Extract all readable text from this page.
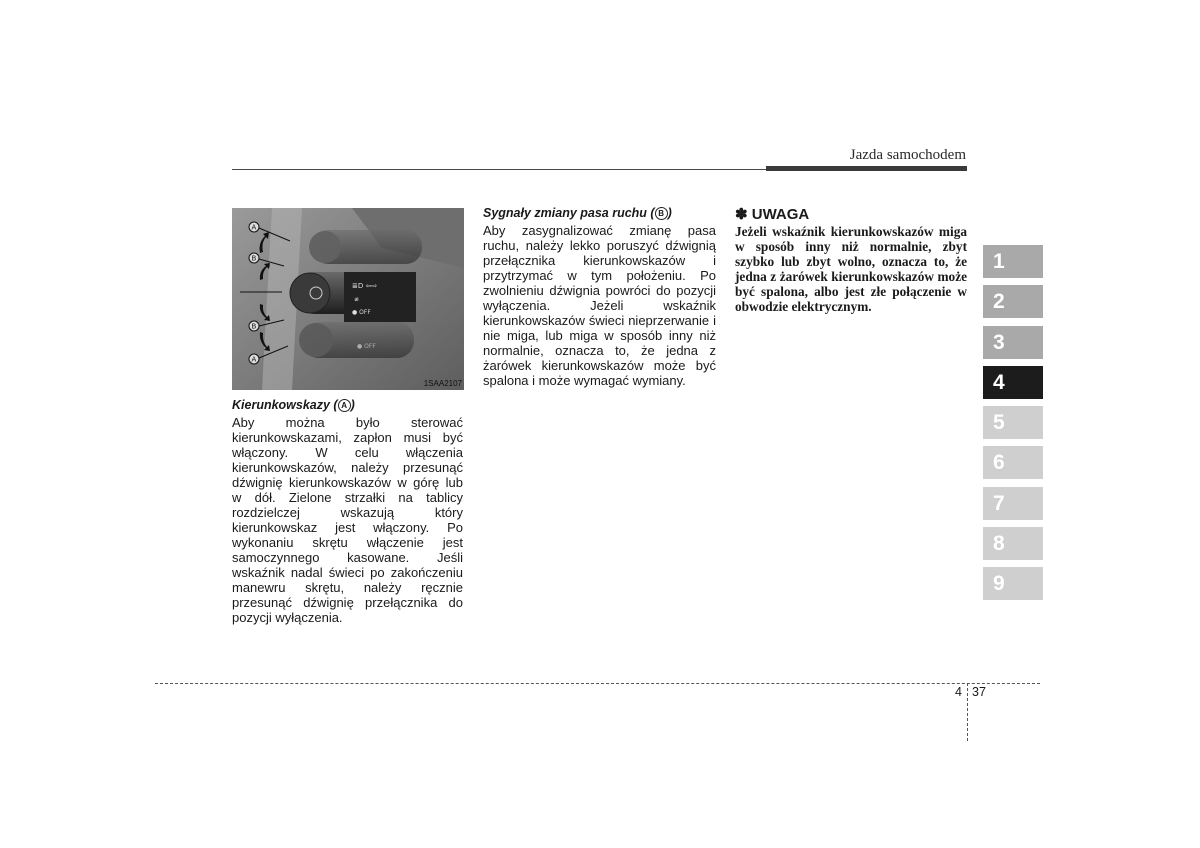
Jazda samochodem
≣D ⇦⇨
≢
● OFF
● OFF
A
B
B
A
1SAA2107
Kierunkowskazy ( A )
Aby można było sterować kierunkowskazami, zapłon musi być włączony. W celu włączenia kierunkowskazów, należy przesunąć dźwignię kierunkowskazów w górę lub w dół. Zielone strzałki na tablicy rozdzielczej wskazują który kierunkowskaz jest włączony. Po wykonaniu skrętu włączenie jest samoczynnego kasowane. Jeśli wskaźnik nadal świeci po zakończeniu manewru skrętu, należy ręcznie przesunąć dźwignię przełącznika do pozycji wyłączenia.
Sygnały zmiany pasa ruchu ( B )
Aby zasygnalizować zmianę pasa ruchu, należy lekko poruszyć dźwignią przełącznika kierunkowskazów i przytrzymać w tym położeniu. Po zwolnieniu dźwignia powróci do pozycji wyłączenia. Jeżeli wskaźnik kierunkowskazów świeci nieprzerwanie i nie miga, lub miga w sposób inny niż normalnie, oznacza to, że jedna z żarówek kierunkowskazów może być spalona i może wymagać wymiany.
✽ UWAGA
Jeżeli wskaźnik kierunkowskazów miga w sposób inny niż normalnie, zbyt szybko lub zbyt wolno, oznacza to, że jedna z żarówek kierunkowskazów może być spalona, albo jest złe połączenie w obwodzie elektrycznym.
1
2
3
4
5
6
7
8
9
4 37
